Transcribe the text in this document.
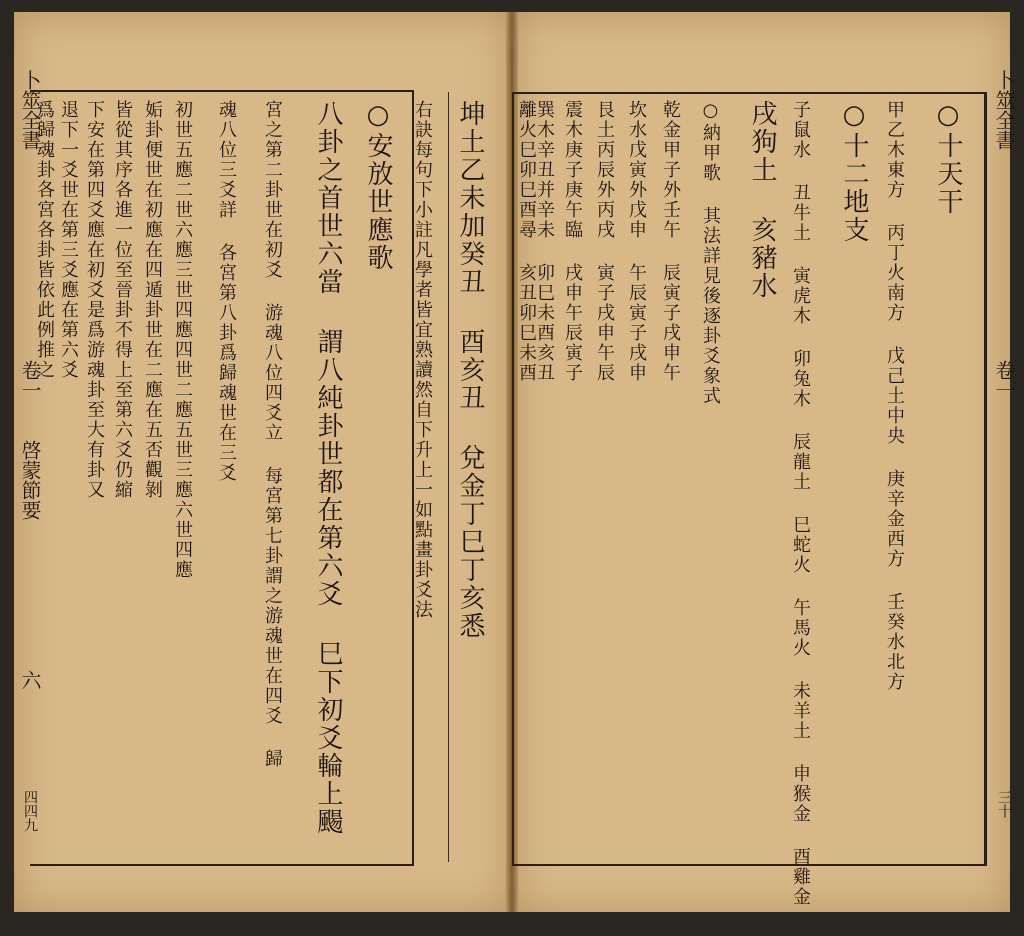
卜筮全書
卷一
啓蒙節要
六
四四九
坤土乙未加癸丑 酉亥丑 兌金丁巳丁亥悉
右訣每句下小註凡學者皆宜熟讀然自下升上一如點畫卦爻法
○安放世應歌
八卦之首世六當 謂八純卦世都在第六爻 巳下初爻輪上颺
宮之第二卦世在初爻 游魂八位四爻立 每宮第七卦謂之游魂世在四爻 歸
魂八位三爻詳 各宮第八卦爲歸魂世在三爻
初世五應二世六應三世四應四世二應五世三應六世四應
姤卦便世在初應在四遁卦世在二應在五否觀剝
皆從其序各進一位至晉卦不得上至第六爻仍縮
下安在第四爻應在初爻是爲游魂卦至大有卦又
退下一爻世在第三爻應在第六爻
爲歸魂卦各宮各卦皆依此例推之	卜筮全書
卷一
三十
○十天干
甲乙木東方 丙丁火南方 戊己土中央 庚辛金西方 壬癸水北方
○十二地支
子鼠水 丑牛土 寅虎木 卯兔木 辰龍土 巳蛇火 午馬火 未羊土 申猴金 酉雞金
戌狗土 亥豬水
○納甲歌 其法詳見後逐卦爻象式
乾金甲子外壬午 辰寅子戌申午
坎水戊寅外戊申 午辰寅子戌申
艮土丙辰外丙戌 寅子戌申午辰
震木庚子庚午臨 戌申午辰寅子
巽木辛丑并辛未 卯巳未酉亥丑
離火巳卯巳酉尋 亥丑卯巳未酉
